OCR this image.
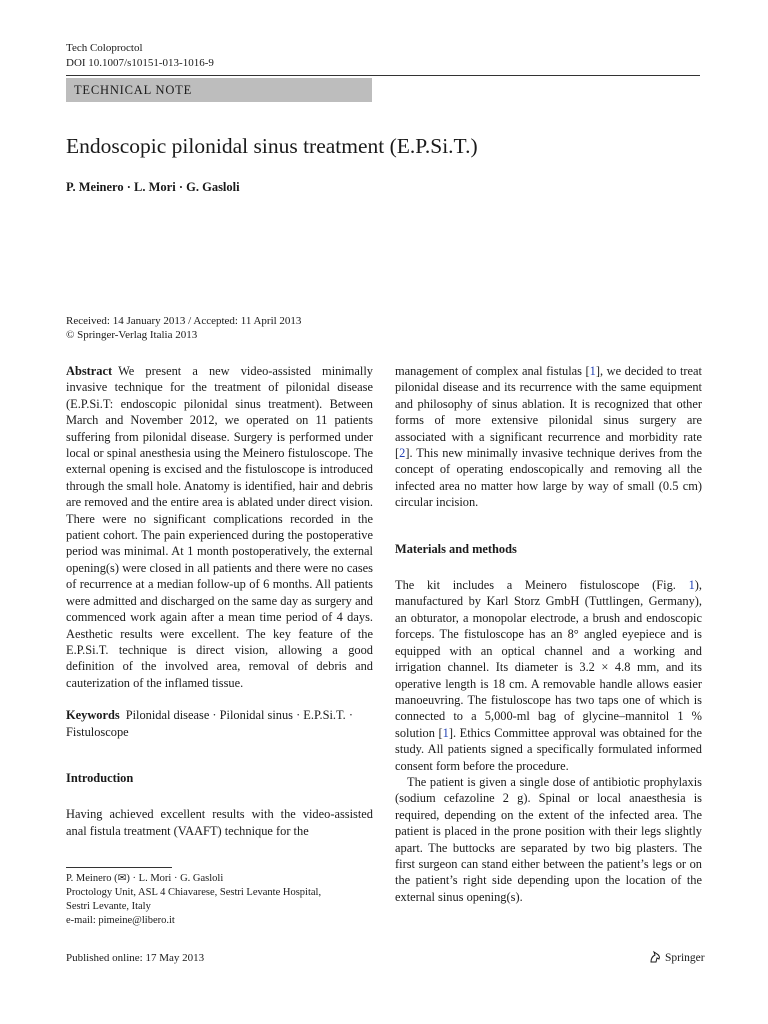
Tech Coloproctol
DOI 10.1007/s10151-013-1016-9
TECHNICAL NOTE
Endoscopic pilonidal sinus treatment (E.P.Si.T.)
P. Meinero · L. Mori · G. Gasloli
Received: 14 January 2013 / Accepted: 11 April 2013
© Springer-Verlag Italia 2013

Abstract We present a new video-assisted minimally invasive technique for the treatment of pilonidal disease (E.P.Si.T: endoscopic pilonidal sinus treatment). Between March and November 2012, we operated on 11 patients suffering from pilonidal disease. Surgery is performed under local or spinal anesthesia using the Meinero fistuloscope. The external opening is excised and the fistuloscope is introduced through the small hole. Anatomy is identified, hair and debris are removed and the entire area is ablated under direct vision. There were no significant complications recorded in the patient cohort. The pain experienced during the postoperative period was minimal. At 1 month postoperatively, the external opening(s) were closed in all patients and there were no cases of recurrence at a median follow-up of 6 months. All patients were admitted and discharged on the same day as surgery and commenced work again after a mean time period of 4 days. Aesthetic results were excellent. The key feature of the E.P.Si.T. technique is direct vision, allowing a good definition of the involved area, removal of debris and cauterization of the inflamed tissue.

Keywords Pilonidal disease · Pilonidal sinus · E.P.Si.T. · Fistuloscope

Introduction

Having achieved excellent results with the video-assisted anal fistula treatment (VAAFT) technique for the

P. Meinero (✉) · L. Mori · G. Gasloli
Proctology Unit, ASL 4 Chiavarese, Sestri Levante Hospital,
Sestri Levante, Italy
e-mail: pimeine@libero.it

management of complex anal fistulas [1], we decided to treat pilonidal disease and its recurrence with the same equipment and philosophy of sinus ablation. It is recognized that other forms of more extensive pilonidal sinus surgery are associated with a significant recurrence and morbidity rate [2]. This new minimally invasive technique derives from the concept of operating endoscopically and removing all the infected area no matter how large by way of small (0.5 cm) circular incision.

Materials and methods

The kit includes a Meinero fistuloscope (Fig. 1), manufactured by Karl Storz GmbH (Tuttlingen, Germany), an obturator, a monopolar electrode, a brush and endoscopic forceps. The fistuloscope has an 8° angled eyepiece and is equipped with an optical channel and a working and irrigation channel. Its diameter is 3.2 × 4.8 mm, and its operative length is 18 cm. A removable handle allows easier manoeuvring. The fistuloscope has two taps one of which is connected to a 5,000-ml bag of glycine–mannitol 1 % solution [1]. Ethics Committee approval was obtained for the study. All patients signed a specifically formulated informed consent form before the procedure.

The patient is given a single dose of antibiotic prophylaxis (sodium cefazoline 2 g). Spinal or local anaesthesia is required, depending on the extent of the infected area. The patient is placed in the prone position with their legs slightly apart. The buttocks are separated by two big plasters. The first surgeon can stand either between the patient’s legs or on the patient’s right side depending upon the location of the external sinus opening(s).

Published online: 17 May 2013	Springer
